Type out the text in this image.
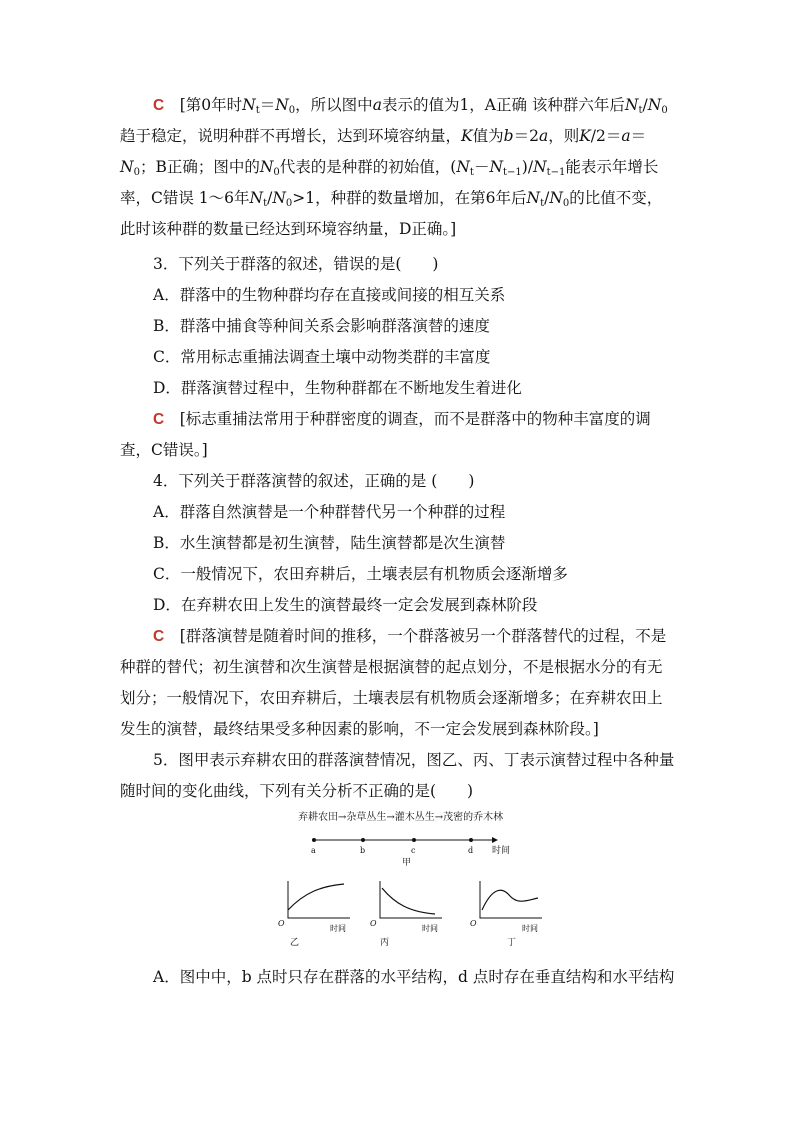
C　[第0年时$N_t=N_0$，所以图中a表示的值为1，A正确 该种群六年后$N_t/N_0$趋于稳定，说明种群不再增长，达到环境容纳量，K值为b＝2a，则$K/2=a=N_0$；B正确；图中的$N_0$代表的是种群的初始值，$(N_t-N_{t-1})/N_{t-1}$能表示年增长率，C错误 1～6年$N_t/N_0>1$，种群的数量增加，在第6年后$N_t/N_0$的比值不变，此时该种群的数量已经达到环境容纳量，D正确。]

3．下列关于群落的叙述，错误的是(　　)

A．群落中的生物种群均存在直接或间接的相互关系

B．群落中捕食等种间关系会影响群落演替的速度

C．常用标志重捕法调查土壤中动物类群的丰富度

D．群落演替过程中，生物种群都在不断地发生着进化

C　 [标志重捕法常用于种群密度的调查，而不是群落中的物种丰富度的调查，C错误。]

4．下列关于群落演替的叙述，正确的是 (　　)

A．群落自然演替是一个种群替代另一个种群的过程

B．水生演替都是初生演替，陆生演替都是次生演替

C．一般情况下，农田弃耕后，土壤表层有机物质会逐渐增多

D．在弃耕农田上发生的演替最终一定会发展到森林阶段

C　 [群落演替是随着时间的推移，一个群落被另一个群落替代的过程，不是种群的替代；初生演替和次生演替是根据演替的起点划分，不是根据水分的有无划分；一般情况下，农田弃耕后，土壤表层有机物质会逐渐增多；在弃耕农田上发生的演替，最终结果受多种因素的影响，不一定会发展到森林阶段。]

5．图甲表示弃耕农田的群落演替情况，图乙、丙、丁表示演替过程中各种量随时间的变化曲线，下列有关分析不正确的是(　　)

弃耕农田→杂草丛生→灌木丛生→茂密的乔木林
a	b	c	d 时间
甲
O
时间
乙
O
时间
丙
O
时间
丁

A．图中中，b 点时只存在群落的水平结构，d 点时存在垂直结构和水平结构
